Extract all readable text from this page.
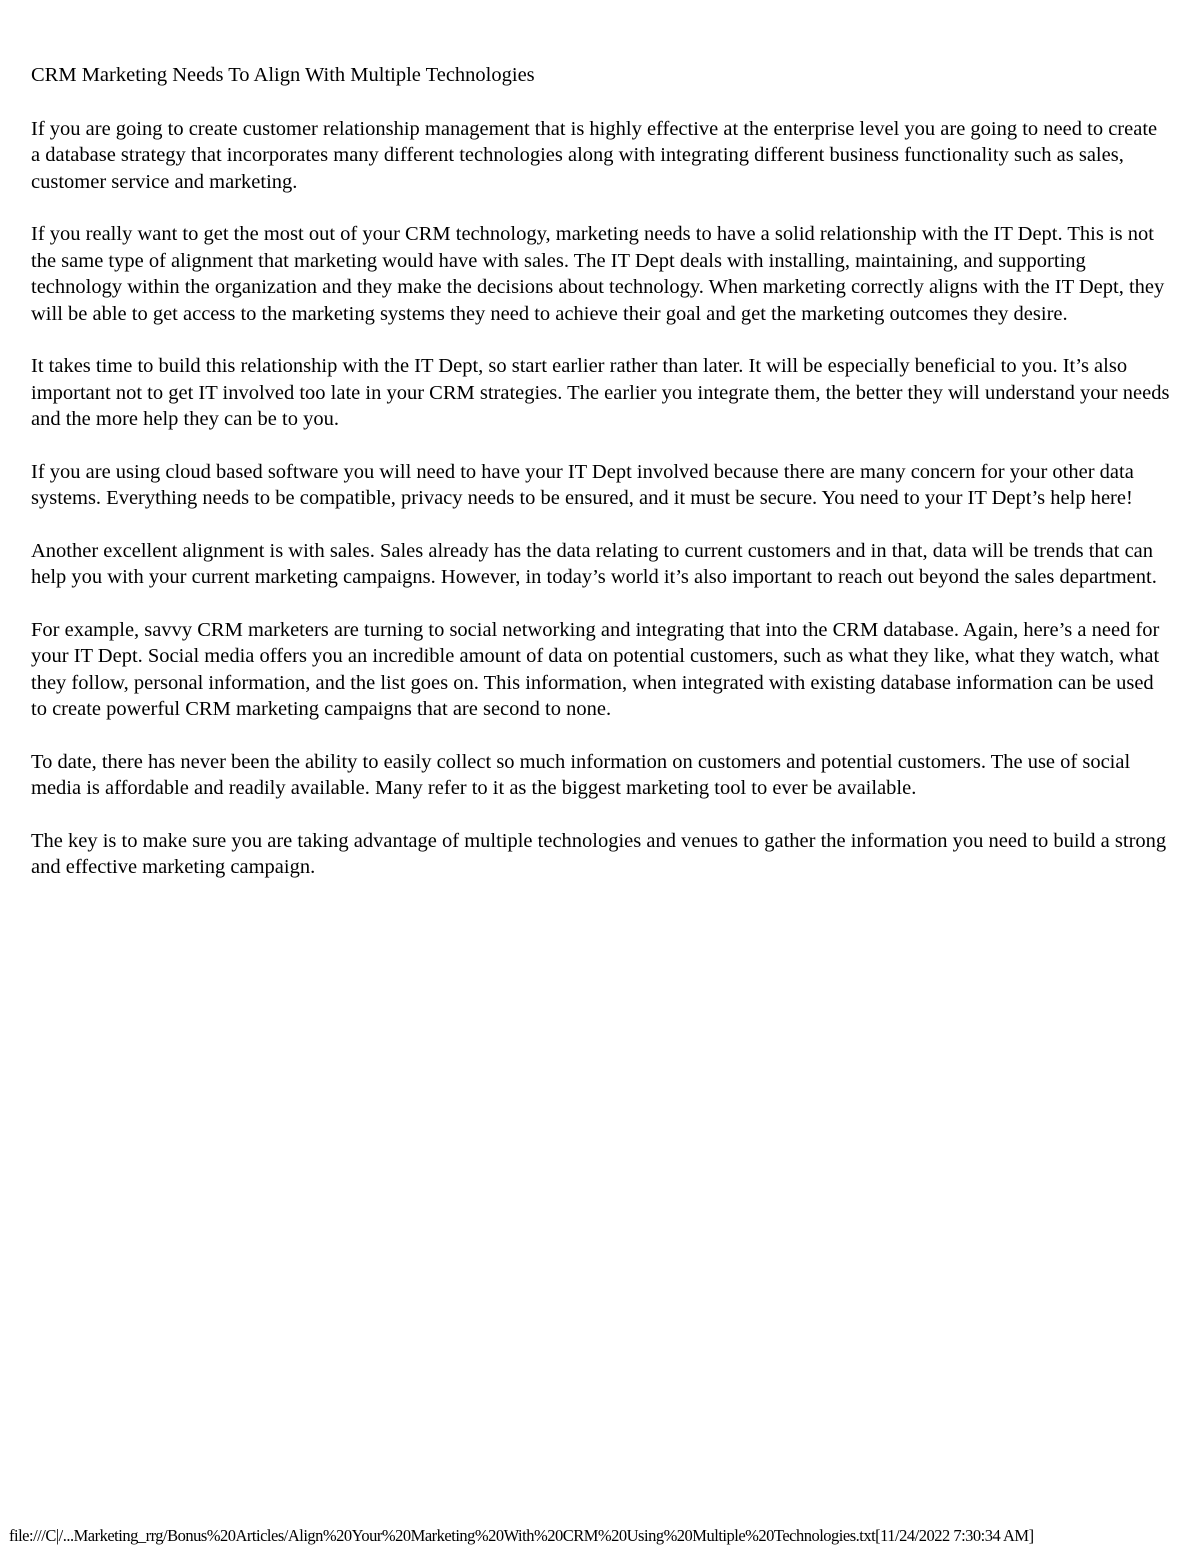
CRM Marketing Needs To Align With Multiple Technologies

If you are going to create customer relationship management that is highly effective at the enterprise level you are going to need to create a database strategy that incorporates many different technologies along with integrating different business functionality such as sales, customer service and marketing.

If you really want to get the most out of your CRM technology, marketing needs to have a solid relationship with the IT Dept. This is not the same type of alignment that marketing would have with sales. The IT Dept deals with installing, maintaining, and supporting technology within the organization and they make the decisions about technology. When marketing correctly aligns with the IT Dept, they will be able to get access to the marketing systems they need to achieve their goal and get the marketing outcomes they desire.

It takes time to build this relationship with the IT Dept, so start earlier rather than later. It will be especially beneficial to you. It’s also important not to get IT involved too late in your CRM strategies. The earlier you integrate them, the better they will understand your needs and the more help they can be to you.

If you are using cloud based software you will need to have your IT Dept involved because there are many concern for your other data systems. Everything needs to be compatible, privacy needs to be ensured, and it must be secure. You need to your IT Dept’s help here!

Another excellent alignment is with sales. Sales already has the data relating to current customers and in that, data will be trends that can help you with your current marketing campaigns. However, in today’s world it’s also important to reach out beyond the sales department.

For example, savvy CRM marketers are turning to social networking and integrating that into the CRM database. Again, here’s a need for your IT Dept. Social media offers you an incredible amount of data on potential customers, such as what they like, what they watch, what they follow, personal information, and the list goes on. This information, when integrated with existing database information can be used to create powerful CRM marketing campaigns that are second to none.

To date, there has never been the ability to easily collect so much information on customers and potential customers. The use of social media is affordable and readily available. Many refer to it as the biggest marketing tool to ever be available.

The key is to make sure you are taking advantage of multiple technologies and venues to gather the information you need to build a strong and effective marketing campaign.

file:///C|/...Marketing_rrg/Bonus%20Articles/Align%20Your%20Marketing%20With%20CRM%20Using%20Multiple%20Technologies.txt[11/24/2022 7:30:34 AM]
